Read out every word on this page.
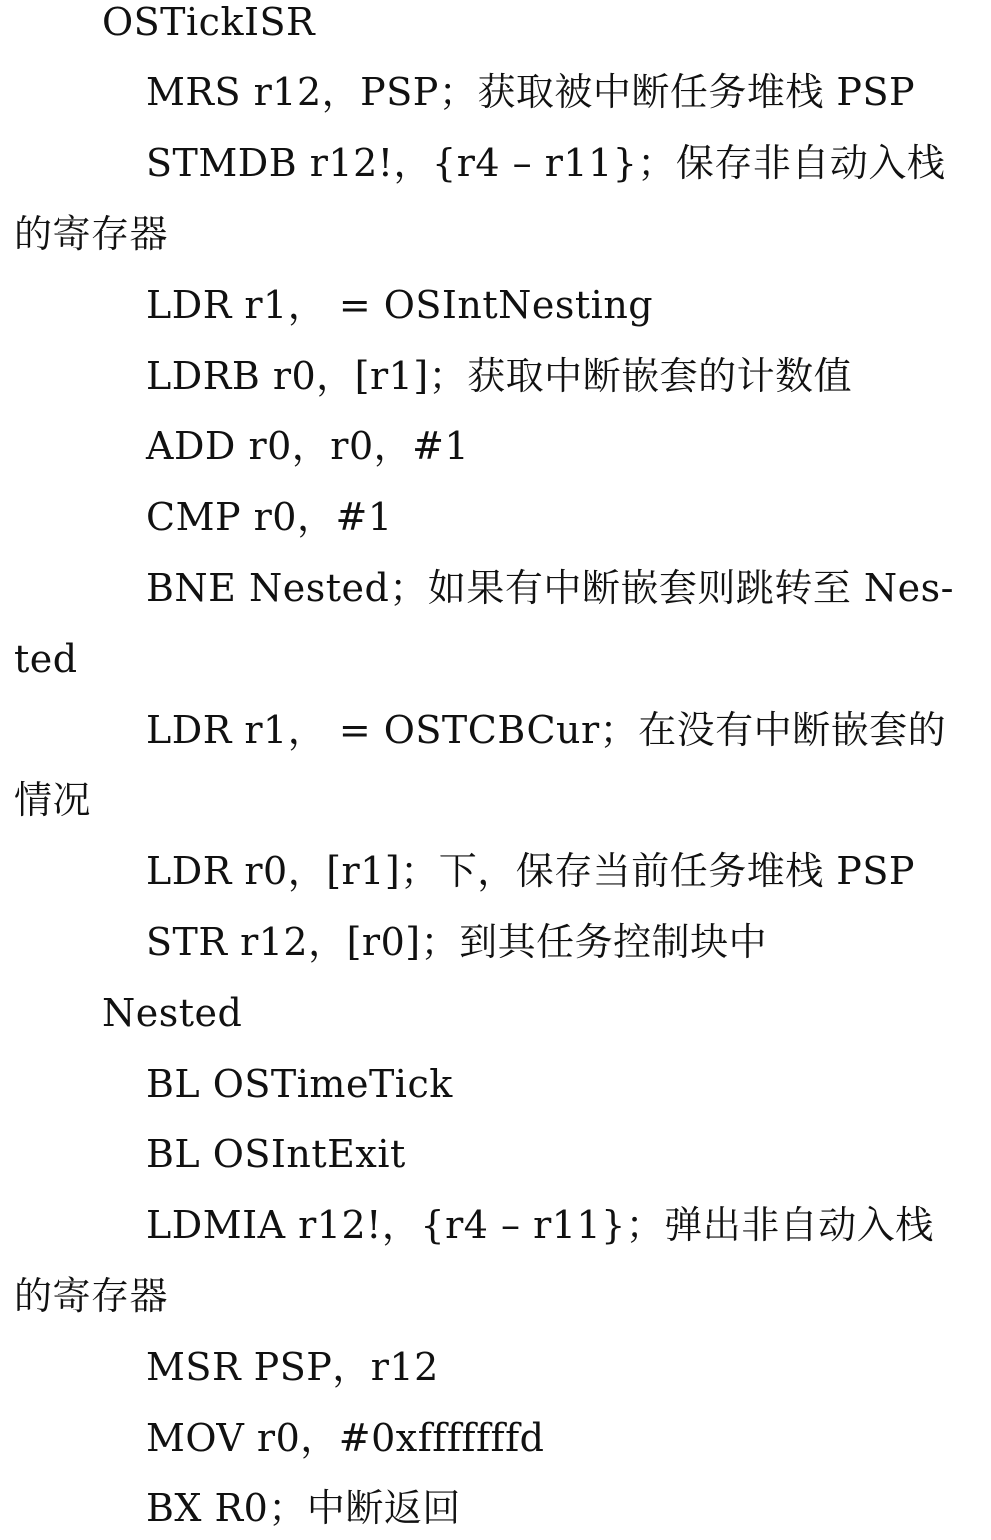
OSTickISR
MRS r12，PSP；获取被中断任务堆栈 PSP
STMDB r12!，{r4 – r11}；保存非自动入栈
的寄存器
LDR r1， = OSIntNesting
LDRB r0，[r1]；获取中断嵌套的计数值
ADD r0，r0，#1
CMP r0，#1
BNE Nested；如果有中断嵌套则跳转至 Nes-
ted
LDR r1， = OSTCBCur；在没有中断嵌套的
情况
LDR r0，[r1]；下，保存当前任务堆栈 PSP
STR r12，[r0]；到其任务控制块中
Nested
BL OSTimeTick
BL OSIntExit
LDMIA r12!，{r4 – r11}；弹出非自动入栈
的寄存器
MSR PSP，r12
MOV r0，#0xfffffffd
BX R0；中断返回
